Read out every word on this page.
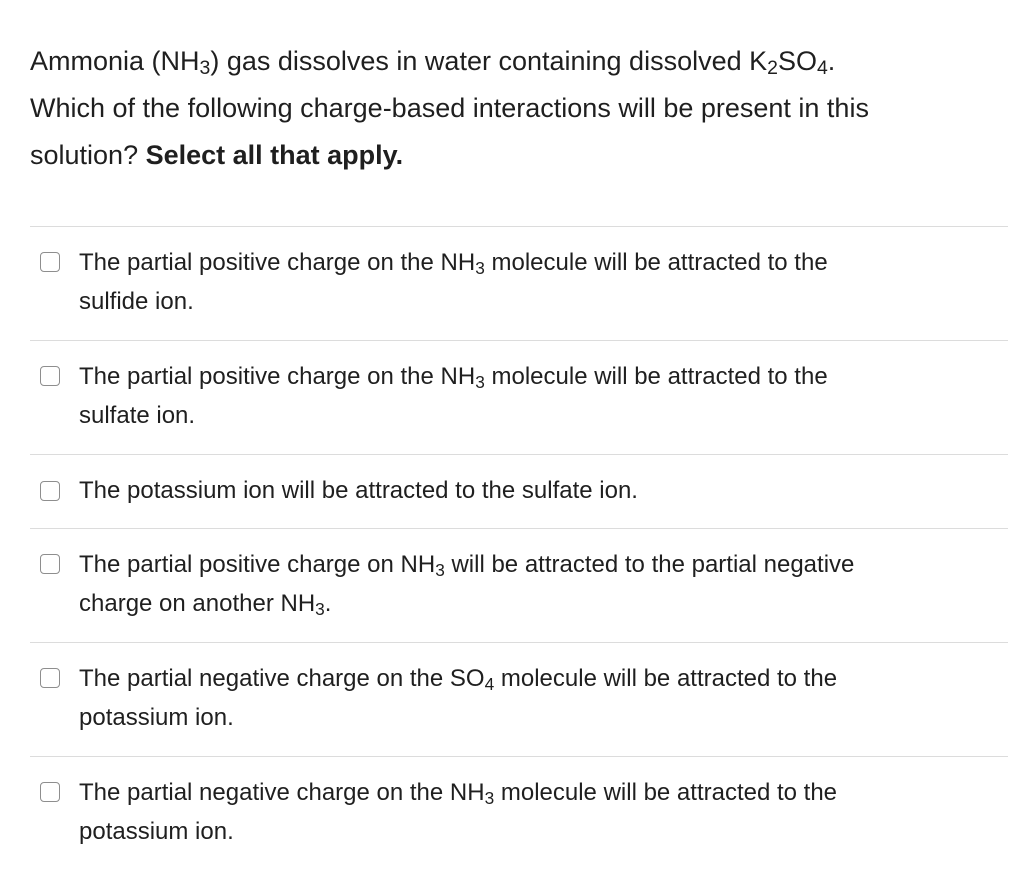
Ammonia $(NH_3)$ gas dissolves in water containing dissolved $K_2SO_4$.
Which of the following charge-based interactions will be present in this
solution? Select all that apply.
The partial positive charge on the $NH_3$ molecule will be attracted to the
sulfide ion.
The partial positive charge on the $NH_3$ molecule will be attracted to the
sulfate ion.
The potassium ion will be attracted to the sulfate ion.
The partial positive charge on $NH_3$ will be attracted to the partial negative
charge on another $NH_3$.
The partial negative charge on the $SO_4$ molecule will be attracted to the
potassium ion.
The partial negative charge on the $NH_3$ molecule will be attracted to the
potassium ion.
